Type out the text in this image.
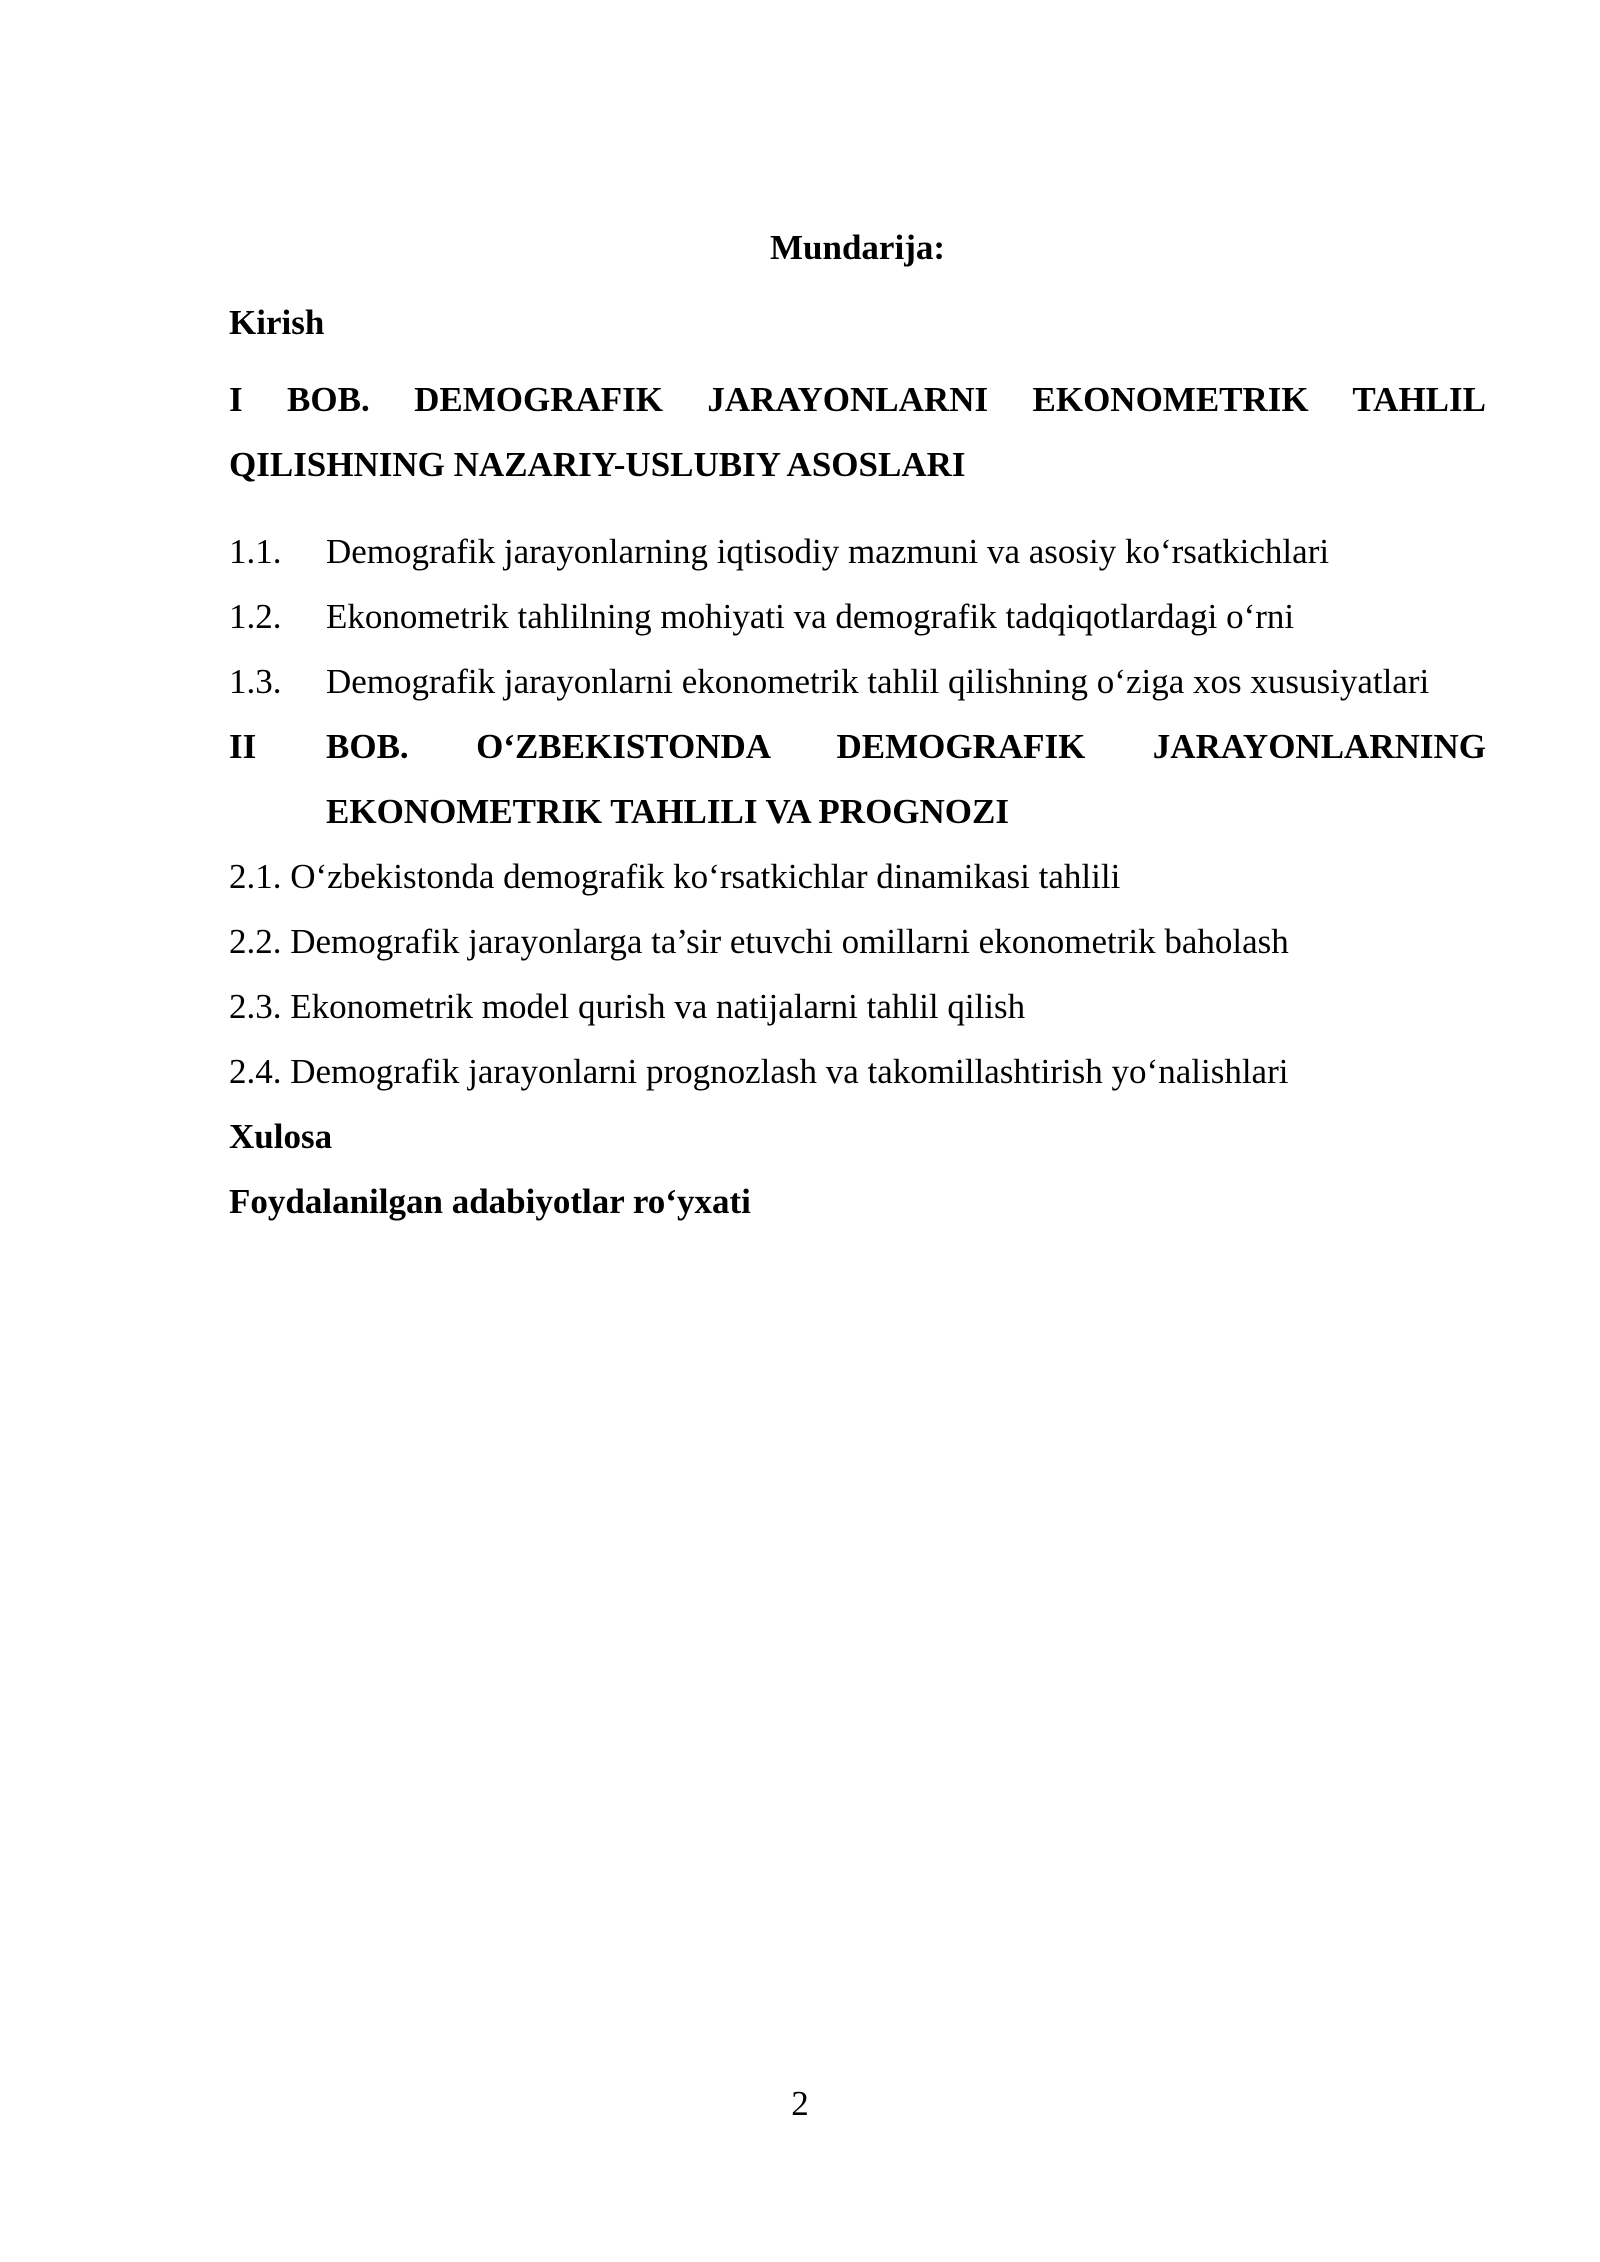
Mundarija:
Kirish
I BOB. DEMOGRAFIK JARAYONLARNI EKONOMETRIK TAHLIL QILISHNING NAZARIY-USLUBIY ASOSLARI
1.1.	Demografik jarayonlarning iqtisodiy mazmuni va asosiy ko‘rsatkichlari
1.2.	Ekonometrik tahlilning mohiyati va demografik tadqiqotlardagi o‘rni
1.3.	Demografik jarayonlarni ekonometrik tahlil qilishning o‘ziga xos xususiyatlari
II	BOB. O‘ZBEKISTONDA DEMOGRAFIK JARAYONLARNING EKONOMETRIK TAHLILI VA PROGNOZI
2.1. O‘zbekistonda demografik ko‘rsatkichlar dinamikasi tahlili
2.2. Demografik jarayonlarga ta’sir etuvchi omillarni ekonometrik baholash
2.3. Ekonometrik model qurish va natijalarni tahlil qilish
2.4. Demografik jarayonlarni prognozlash va takomillashtirish yo‘nalishlari
Xulosa
Foydalanilgan adabiyotlar ro‘yxati
2
